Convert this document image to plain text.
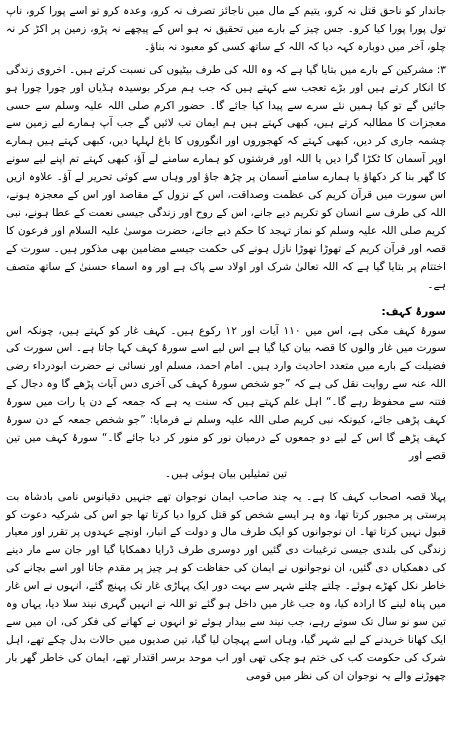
جاندار کو ناحق قتل نہ کرو، یتیم کے مال میں ناجائز تصرف نہ کرو، وعدہ کرو تو اسے پورا کرو، ناپ تول پورا پورا کیا کرو۔ جس چیز کے بارے میں تحقیق نہ ہو اس کے پیچھے نہ پڑو، زمین پر اکڑ کر نہ چلو، آخر میں دوبارہ کہہ دیا کہ اللہ کے ساتھ کسی کو معبود نہ بناؤ۔

۳: مشرکین کے بارے میں بتایا گیا ہے کہ وہ اللہ کی طرف بیٹیوں کی نسبت کرتے ہیں۔ اخروی زندگی کا انکار کرتے ہیں اور بڑے تعجب سے کہتے ہیں کہ جب ہم مرکر بوسیدہ ہڈیاں اور چورا چورا ہو جائیں گے تو کیا ہمیں نئے سرے سے پیدا کیا جائے گا۔ حضور اکرم صلی اللہ علیہ وسلم سے حسی معجزات کا مطالبہ کرتے ہیں، کبھی کہتے ہیں ہم ایمان تب لائیں گے جب آپ ہمارے لیے زمین سے چشمہ جاری کر دیں، کبھی کہتے کہ کھجوروں اور انگوروں کا باغ لہلہا دیں، کبھی کہتے ہیں ہمارے اوپر آسمان کا ٹکڑا گرا دیں یا اللہ اور فرشتوں کو ہمارے سامنے لے آؤ، کبھی کہتے تم اپنے لیے سونے کا گھر بنا کر دکھاؤ یا ہمارے سامنے آسمان پر چڑھ جاؤ اور وہاں سے کوئی تحریر لے آؤ۔ علاوہ ازیں اس سورت میں قرآن کریم کی عظمت وصداقت، اس کے نزول کے مقاصد اور اس کے معجزہ ہونے، اللہ کی طرف سے انسان کو تکریم دیے جانے، اس کے روح اور زندگی جیسی نعمت کے عطا ہونے، نبی کریم صلی اللہ علیہ وسلم کو نماز تہجد کا حکم دیے جانے، حضرت موسیٰ علیہ السلام اور فرعون کا قصہ اور قرآن کریم کے تھوڑا تھوڑا نازل ہونے کی حکمت جیسے مضامین بھی مذکور ہیں۔ سورت کے اختتام پر بتایا گیا ہے کہ اللہ تعالیٰ شرک اور اولاد سے پاک ہے اور وہ اسماء حسنیٰ کے ساتھ متصف ہے۔

سورۂ کہف:

سورۂ کہف مکی ہے، اس میں ۱۱۰ آیات اور ۱۲ رکوع ہیں۔ کہف غار کو کہتے ہیں، چونکہ اس سورت میں غار والوں کا قصہ بیان کیا گیا ہے اس لیے اسے سورۂ کہف کہا جاتا ہے۔ اس سورت کی فضیلت کے بارے میں متعدد احادیث وارد ہیں۔ امام احمد، مسلم اور نسائی نے حضرت ابودرداء رضی اللہ عنہ سے روایت نقل کی ہے کہ ”جو شخص سورۂ کہف کی آخری دس آیات پڑھے گا وہ دجال کے فتنہ سے محفوظ رہے گا۔“ اہل علم کہتے ہیں کہ سنت یہ ہے کہ جمعہ کے دن یا رات میں سورۂ کہف پڑھی جائے، کیونکہ نبی کریم صلی اللہ علیہ وسلم نے فرمایا: ”جو شخص جمعہ کے دن سورۂ کہف پڑھے گا اس کے لیے دو جمعوں کے درمیان نور کو منور کر دیا جائے گا۔“ سورۂ کہف میں تین قصے اور

تین تمثیلیں بیان ہوئی ہیں۔

پہلا قصہ اصحاب کہف کا ہے۔ یہ چند صاحب ایمان نوجوان تھے جنہیں دقیانوس نامی بادشاہ بت پرستی پر مجبور کرتا تھا، وہ ہر ایسے شخص کو قتل کروا دیا کرتا تھا جو اس کی شرکیہ دعوت کو قبول نہیں کرتا تھا۔ ان نوجوانوں کو ایک طرف مال و دولت کے انبار، اونچے عہدوں پر تقرر اور معیار زندگی کی بلندی جیسی ترغیبات دی گئیں اور دوسری طرف ڈرایا دھمکایا گیا اور جان سے مار دینے کی دھمکیاں دی گئیں، ان نوجوانوں نے ایمان کی حفاظت کو ہر چیز پر مقدم جانا اور اسے بچانے کی خاطر نکل کھڑے ہوئے۔ چلتے چلتے شہر سے بہت دور ایک پہاڑی غار تک پہنچ گئے، انہوں نے اس غار میں پناہ لینے کا ارادہ کیا، وہ جب غار میں داخل ہو گئے تو اللہ نے انہیں گہری نیند سلا دیا، یہاں وہ تین سو نو سال تک سوتے رہے، جب نیند سے بیدار ہوئے تو انہوں نے کھانے کی فکر کی، ان میں سے ایک کھانا خریدنے کے لیے شہر گیا، وہاں اسے پہچان لیا گیا، تین صدیوں میں حالات بدل چکے تھے، اہل شرک کی حکومت کب کی ختم ہو چکی تھی اور اب موحد برسر اقتدار تھے، ایمان کی خاطر گھر بار چھوڑنے والے یہ نوجوان ان کی نظر میں قومی
